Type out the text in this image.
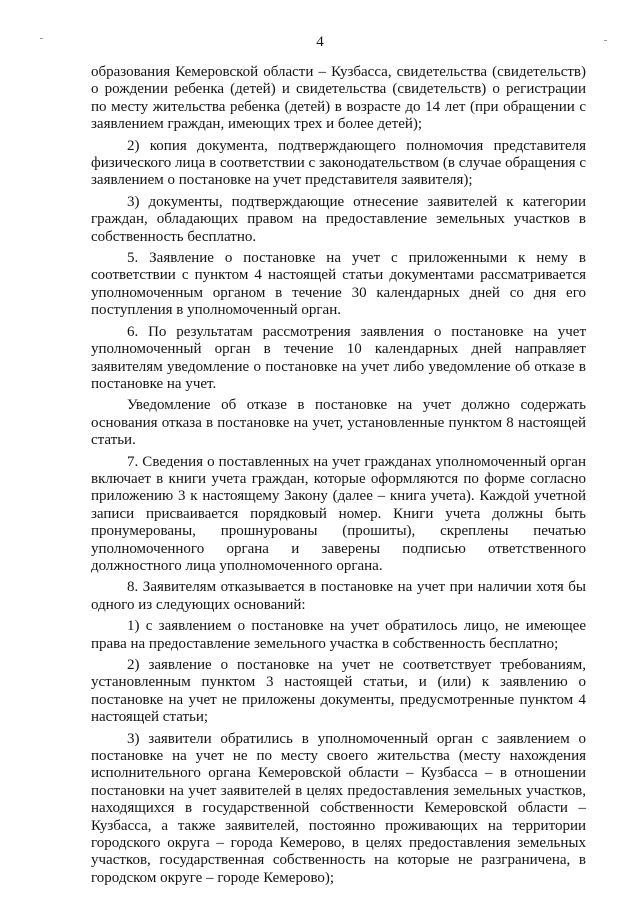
4

образования Кемеровской области – Кузбасса, свидетельства (свидетельств) о рождении ребенка (детей) и свидетельства (свидетельств) о регистрации по месту жительства ребенка (детей) в возрасте до 14 лет (при обращении с заявлением граждан, имеющих трех и более детей);

2) копия документа, подтверждающего полномочия представителя физического лица в соответствии с законодательством (в случае обращения с заявлением о постановке на учет представителя заявителя);

3) документы, подтверждающие отнесение заявителей к категории граждан, обладающих правом на предоставление земельных участков в собственность бесплатно.

5. Заявление о постановке на учет с приложенными к нему в соответствии с пунктом 4 настоящей статьи документами рассматривается уполномоченным органом в течение 30 календарных дней со дня его поступления в уполномоченный орган.

6. По результатам рассмотрения заявления о постановке на учет уполномоченный орган в течение 10 календарных дней направляет заявителям уведомление о постановке на учет либо уведомление об отказе в постановке на учет.

Уведомление об отказе в постановке на учет должно содержать основания отказа в постановке на учет, установленные пунктом 8 настоящей статьи.

7. Сведения о поставленных на учет гражданах уполномоченный орган включает в книги учета граждан, которые оформляются по форме согласно приложению 3 к настоящему Закону (далее – книга учета). Каждой учетной записи присваивается порядковый номер. Книги учета должны быть пронумерованы, прошнурованы (прошиты), скреплены печатью уполномоченного органа и заверены подписью ответственного должностного лица уполномоченного органа.

8. Заявителям отказывается в постановке на учет при наличии хотя бы одного из следующих оснований:

1) с заявлением о постановке на учет обратилось лицо, не имеющее права на предоставление земельного участка в собственность бесплатно;

2) заявление о постановке на учет не соответствует требованиям, установленным пунктом 3 настоящей статьи, и (или) к заявлению о постановке на учет не приложены документы, предусмотренные пунктом 4 настоящей статьи;

3) заявители обратились в уполномоченный орган с заявлением о постановке на учет не по месту своего жительства (месту нахождения исполнительного органа Кемеровской области – Кузбасса – в отношении постановки на учет заявителей в целях предоставления земельных участков, находящихся в государственной собственности Кемеровской области – Кузбасса, а также заявителей, постоянно проживающих на территории городского округа – города Кемерово, в целях предоставления земельных участков, государственная собственность на которые не разграничена, в городском округе – городе Кемерово);
